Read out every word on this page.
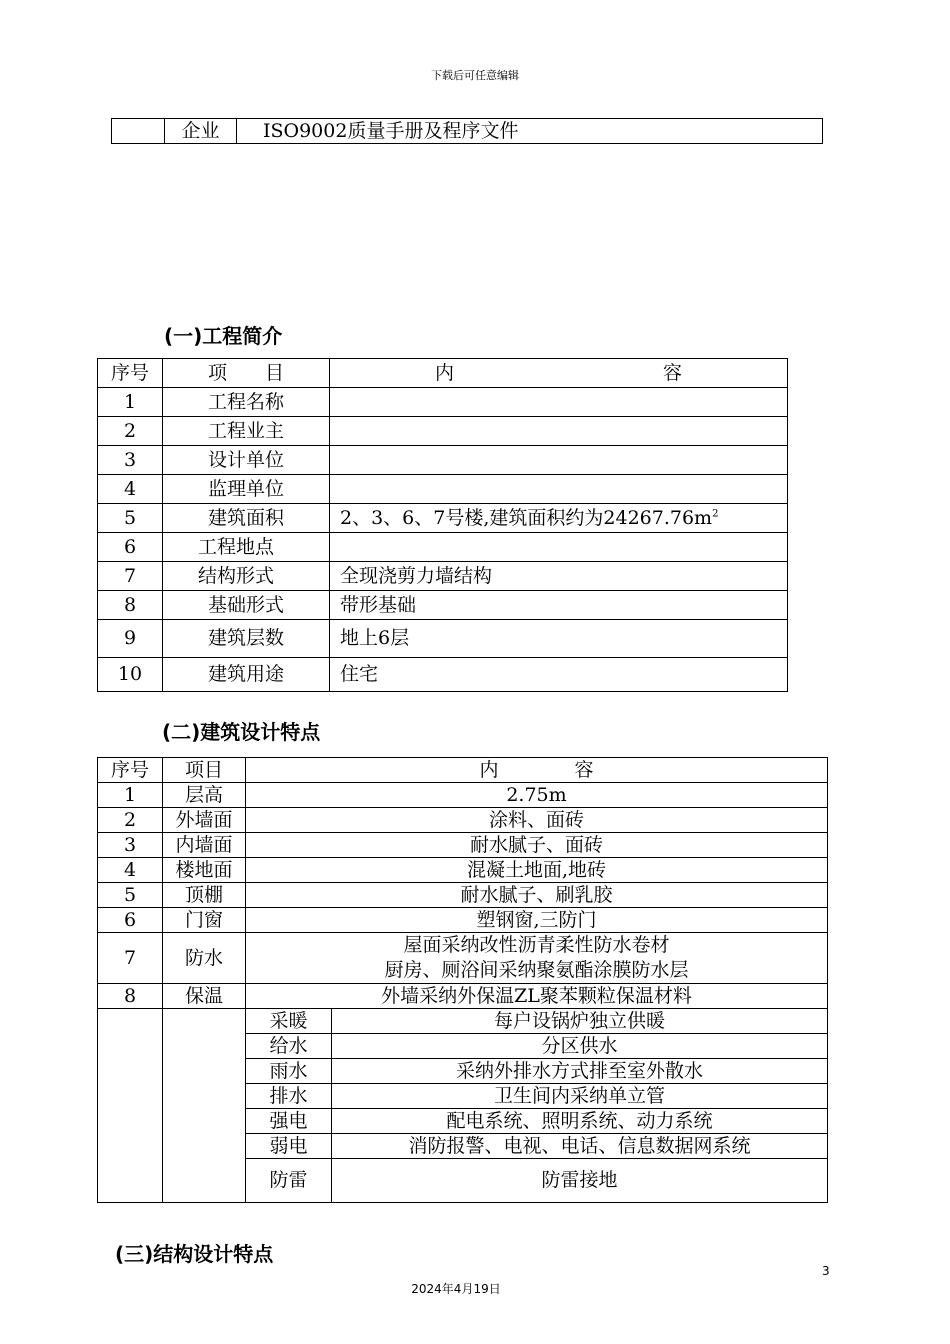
下载后可任意编辑
	企业	ISO9002质量手册及程序文件
(一)工程简介
序号	项　　目	内　　　　　　　　　　　容
1	工程名称	
2	工程业主	
3	设计单位	
4	监理单位	
5	建筑面积	2、3、6、7号楼,建筑面积约为$24267.76m^2$
6	工程地点	
7	结构形式	全现浇剪力墙结构
8	基础形式	带形基础
9	建筑层数	地上6层
10	建筑用途	住宅
(二)建筑设计特点
序号	项目	内　　　　容	
1	层高	2.75m	
2	外墙面	涂料、面砖	
3	内墙面	耐水腻子、面砖	
4	楼地面	混凝土地面,地砖	
5	顶棚	耐水腻子、刷乳胶	
6	门窗	塑钢窗,三防门	
7	防水	屋面采纳改性沥青柔性防水卷材
厨房、厕浴间采纳聚氨酯涂膜防水层	

8	保温	外墙采纳外保温ZL聚苯颗粒保温材料	
		采暖	每户设锅炉独立供暖
		给水	分区供水
		雨水	采纳外排水方式排至室外散水
		排水	卫生间内采纳单立管
		强电	配电系统、照明系统、动力系统
		弱电	消防报警、电视、电话、信息数据网系统
		防雷	防雷接地
(三)结构设计特点
3
2024年4月19日
